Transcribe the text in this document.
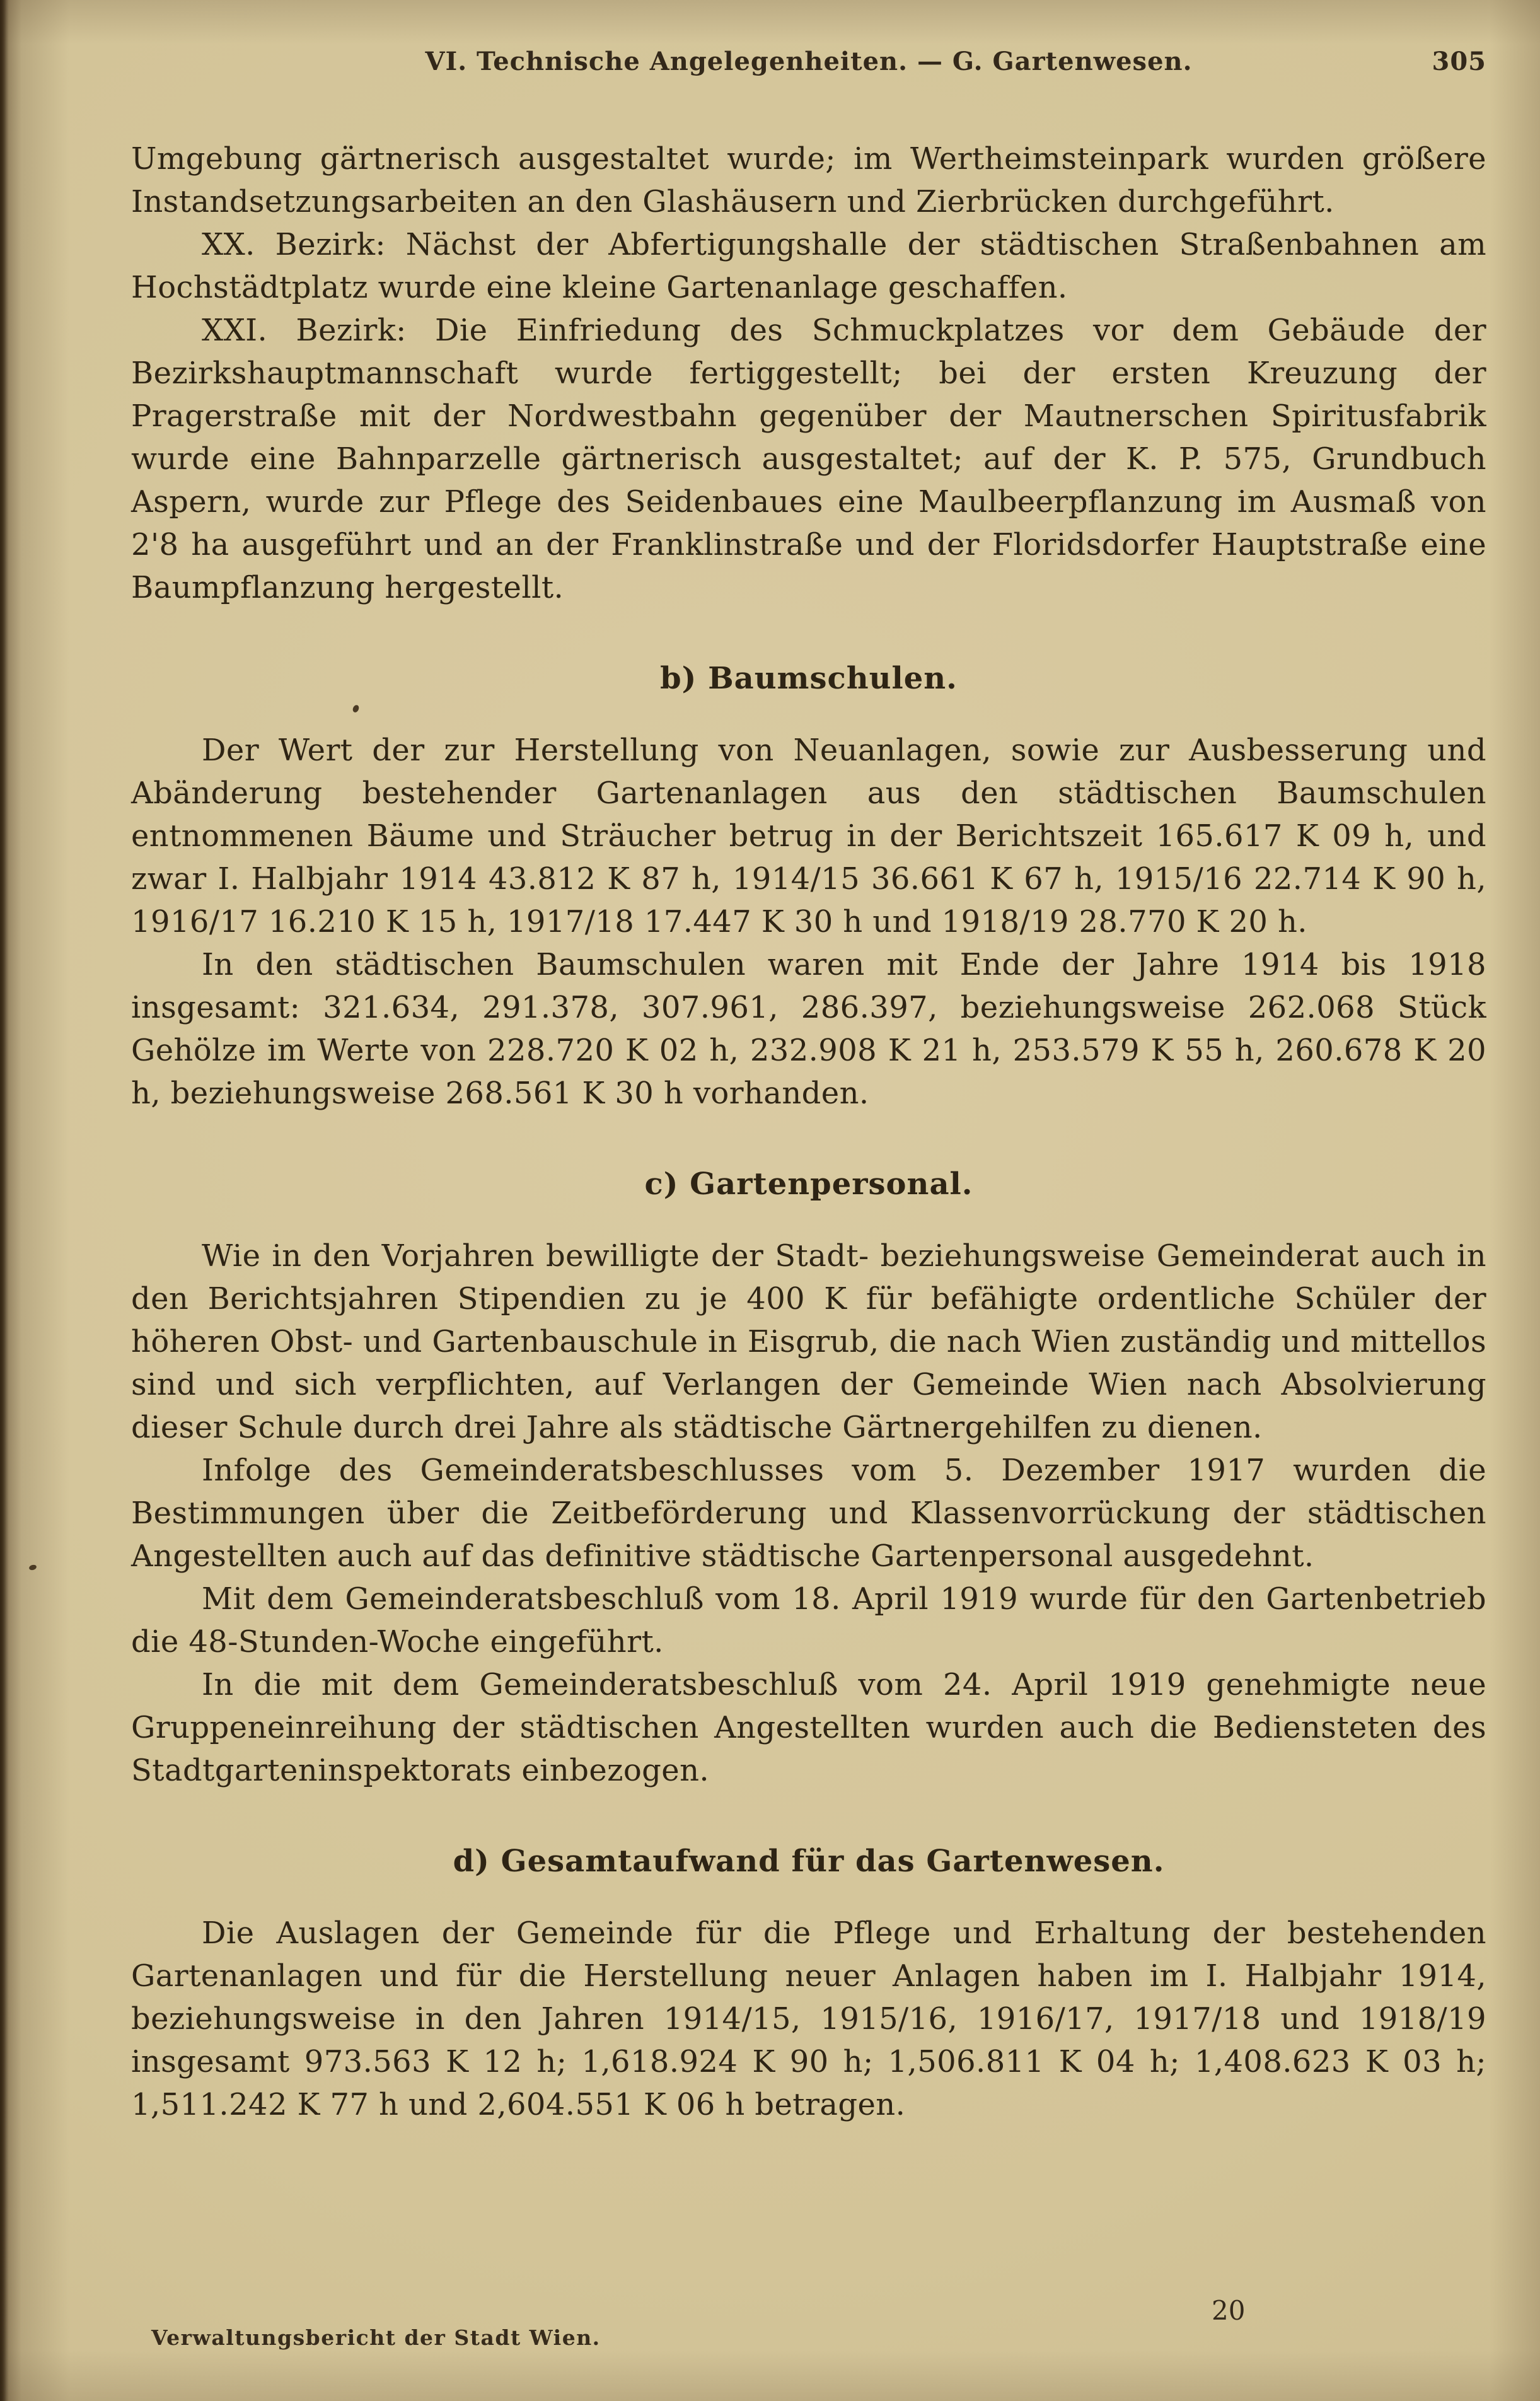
VI. Technische Angelegenheiten. — G. Gartenwesen.	305

Umgebung gärtnerisch ausgestaltet wurde; im Wertheimsteinpark wurden größere Instandsetzungsarbeiten an den Glashäusern und Zierbrücken durchgeführt.

XX. Bezirk: Nächst der Abfertigungshalle der städtischen Straßenbahnen am Hochstädtplatz wurde eine kleine Gartenanlage geschaffen.

XXI. Bezirk: Die Einfriedung des Schmuckplatzes vor dem Gebäude der Bezirkshauptmannschaft wurde fertiggestellt; bei der ersten Kreuzung der Pragerstraße mit der Nordwestbahn gegenüber der Mautnerschen Spiritusfabrik wurde eine Bahnparzelle gärtnerisch ausgestaltet; auf der K. P. 575, Grundbuch Aspern, wurde zur Pflege des Seidenbaues eine Maulbeerpflanzung im Ausmaß von 2'8 ha ausgeführt und an der Franklinstraße und der Floridsdorfer Hauptstraße eine Baumpflanzung hergestellt.

b) Baumschulen.

Der Wert der zur Herstellung von Neuanlagen, sowie zur Ausbesserung und Abänderung bestehender Gartenanlagen aus den städtischen Baumschulen entnommenen Bäume und Sträucher betrug in der Berichtszeit 165.617 K 09 h, und zwar I. Halbjahr 1914 43.812 K 87 h, 1914/15 36.661 K 67 h, 1915/16 22.714 K 90 h, 1916/17 16.210 K 15 h, 1917/18 17.447 K 30 h und 1918/19 28.770 K 20 h.

In den städtischen Baumschulen waren mit Ende der Jahre 1914 bis 1918 insgesamt: 321.634, 291.378, 307.961, 286.397, beziehungsweise 262.068 Stück Gehölze im Werte von 228.720 K 02 h, 232.908 K 21 h, 253.579 K 55 h, 260.678 K 20 h, beziehungsweise 268.561 K 30 h vorhanden.

c) Gartenpersonal.

Wie in den Vorjahren bewilligte der Stadt- beziehungsweise Gemeinderat auch in den Berichtsjahren Stipendien zu je 400 K für befähigte ordentliche Schüler der höheren Obst- und Gartenbauschule in Eisgrub, die nach Wien zuständig und mittellos sind und sich verpflichten, auf Verlangen der Gemeinde Wien nach Absolvierung dieser Schule durch drei Jahre als städtische Gärtnergehilfen zu dienen.

Infolge des Gemeinderatsbeschlusses vom 5. Dezember 1917 wurden die Bestimmungen über die Zeitbeförderung und Klassenvorrückung der städtischen Angestellten auch auf das definitive städtische Gartenpersonal ausgedehnt.

Mit dem Gemeinderatsbeschluß vom 18. April 1919 wurde für den Gartenbetrieb die 48-Stunden-Woche eingeführt.

In die mit dem Gemeinderatsbeschluß vom 24. April 1919 genehmigte neue Gruppeneinreihung der städtischen Angestellten wurden auch die Bediensteten des Stadtgarteninspektorats einbezogen.

d) Gesamtaufwand für das Gartenwesen.

Die Auslagen der Gemeinde für die Pflege und Erhaltung der bestehenden Gartenanlagen und für die Herstellung neuer Anlagen haben im I. Halbjahr 1914, beziehungsweise in den Jahren 1914/15, 1915/16, 1916/17, 1917/18 und 1918/19 insgesamt 973.563 K 12 h; 1,618.924 K 90 h; 1,506.811 K 04 h; 1,408.623 K 03 h; 1,511.242 K 77 h und 2,604.551 K 06 h betragen.

Verwaltungsbericht der Stadt Wien.
20
